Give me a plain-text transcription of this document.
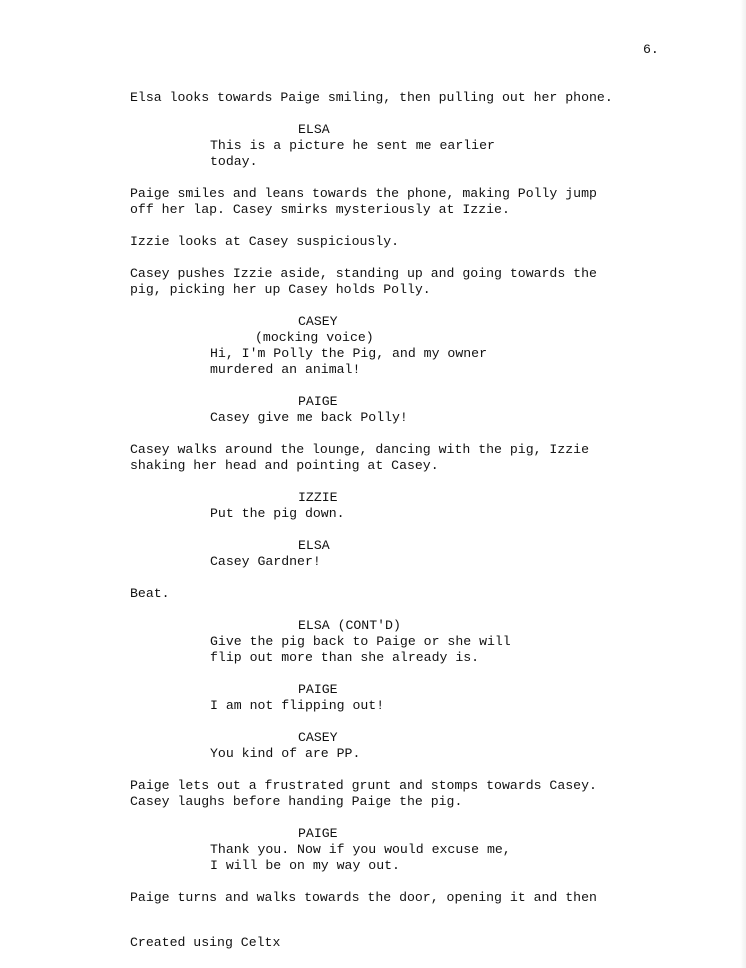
6.

Elsa looks towards Paige smiling, then pulling out her phone.

ELSA

This is a picture he sent me earlier
today.

Paige smiles and leans towards the phone, making Polly jump
off her lap. Casey smirks mysteriously at Izzie.

Izzie looks at Casey suspiciously.

Casey pushes Izzie aside, standing up and going towards the
pig, picking her up Casey holds Polly.

CASEY

(mocking voice)

Hi, I'm Polly the Pig, and my owner
murdered an animal!

PAIGE

Casey give me back Polly!

Casey walks around the lounge, dancing with the pig, Izzie
shaking her head and pointing at Casey.

IZZIE

Put the pig down.

ELSA

Casey Gardner!

Beat.

ELSA (CONT'D)

Give the pig back to Paige or she will
flip out more than she already is.

PAIGE

I am not flipping out!

CASEY

You kind of are PP.

Paige lets out a frustrated grunt and stomps towards Casey.
Casey laughs before handing Paige the pig.

PAIGE

Thank you. Now if you would excuse me,
I will be on my way out.

Paige turns and walks towards the door, opening it and then

Created using Celtx
